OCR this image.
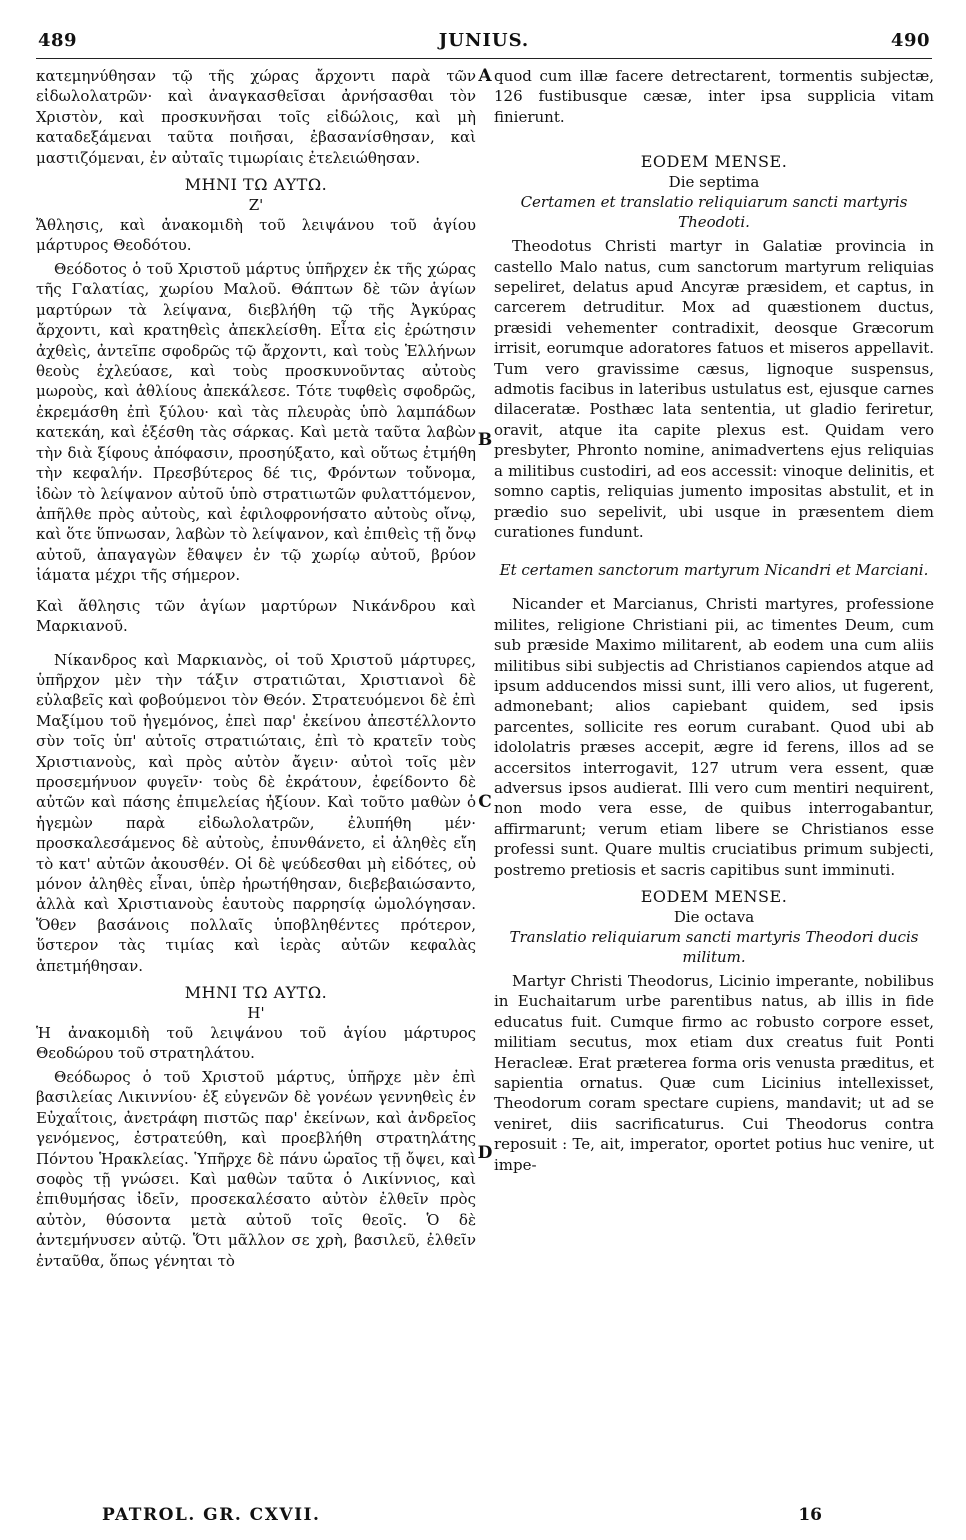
489	JUNIUS.	490

κατεμηνύθησαν τῷ τῆς χώρας ἄρχοντι παρὰ τῶν εἰδωλολατρῶν· καὶ ἀναγκασθεῖσαι ἀρνήσασθαι τὸν Χριστὸν, καὶ προσκυνῆσαι τοῖς εἰδώλοις, καὶ μὴ καταδεξάμεναι ταῦτα ποιῆσαι, ἐβασανίσθησαν, καὶ μαστιζόμεναι, ἐν αὐταῖς τιμωρίαις ἐτελειώθησαν.

ΜΗΝΙ ΤΩ ΑΥΤΩ.
Ζ'

Ἄθλησις, καὶ ἀνακομιδὴ τοῦ λειψάνου τοῦ ἁγίου μάρτυρος Θεοδότου.

Θεόδοτος ὁ τοῦ Χριστοῦ μάρτυς ὑπῆρχεν ἐκ τῆς χώρας τῆς Γαλατίας, χωρίου Μαλοῦ. Θάπτων δὲ τῶν ἁγίων μαρτύρων τὰ λείψανα, διεβλήθη τῷ τῆς Ἀγκύρας ἄρχοντι, καὶ κρατηθεὶς ἀπεκλείσθη. Εἶτα εἰς ἐρώτησιν ἀχθεὶς, ἀντεῖπε σφοδρῶς τῷ ἄρχοντι, καὶ τοὺς Ἑλλήνων θεοὺς ἐχλεύασε, καὶ τοὺς προσκυνοῦντας αὐτοὺς μωροὺς, καὶ ἀθλίους ἀπεκάλεσε. Τότε τυφθεὶς σφοδρῶς, ἐκρεμάσθη ἐπὶ ξύλου· καὶ τὰς πλευρὰς ὑπὸ λαμπάδων κατεκάη, καὶ ἐξέσθη τὰς σάρκας. Καὶ μετὰ ταῦτα λαβὼν τὴν διὰ ξίφους ἀπόφασιν, προσηύξατο, καὶ οὕτως ἐτμήθη τὴν κεφαλήν. Πρεσβύτερος δέ τις, Φρόντων τοὔνομα, ἰδὼν τὸ λείψανον αὐτοῦ ὑπὸ στρατιωτῶν φυλαττόμενον, ἀπῆλθε πρὸς αὐτοὺς, καὶ ἐφιλοφρονήσατο αὐτοὺς οἴνῳ, καὶ ὅτε ὕπνωσαν, λαβὼν τὸ λείψανον, καὶ ἐπιθεὶς τῇ ὄνῳ αὐτοῦ, ἀπαγαγὼν ἔθαψεν ἐν τῷ χωρίῳ αὐτοῦ, βρύον ἰάματα μέχρι τῆς σήμερον.

Καὶ ἄθλησις τῶν ἁγίων μαρτύρων Νικάνδρου καὶ Μαρκιανοῦ.

Νίκανδρος καὶ Μαρκιανὸς, οἱ τοῦ Χριστοῦ μάρτυρες, ὑπῆρχον μὲν τὴν τάξιν στρατιῶται, Χριστιανοὶ δὲ εὐλαβεῖς καὶ φοβούμενοι τὸν Θεόν. Στρατευόμενοι δὲ ἐπὶ Μαξίμου τοῦ ἡγεμόνος, ἐπεὶ παρ' ἐκείνου ἀπεστέλλοντο σὺν τοῖς ὑπ' αὐτοῖς στρατιώταις, ἐπὶ τὸ κρατεῖν τοὺς Χριστιανοὺς, καὶ πρὸς αὐτὸν ἄγειν· αὐτοὶ τοῖς μὲν προσεμήνυον φυγεῖν· τοὺς δὲ ἐκράτουν, ἐφείδοντο δὲ αὐτῶν καὶ πάσης ἐπιμελείας ἠξίουν. Καὶ τοῦτο μαθὼν ὁ ἡγεμὼν παρὰ εἰδωλολατρῶν, ἐλυπήθη μέν· προσκαλεσάμενος δὲ αὐτοὺς, ἐπυνθάνετο, εἰ ἀληθὲς εἴη τὸ κατ' αὐτῶν ἀκουσθέν. Οἱ δὲ ψεύδεσθαι μὴ εἰδότες, οὐ μόνον ἀληθὲς εἶναι, ὑπὲρ ἠρωτήθησαν, διεβεβαιώσαντο, ἀλλὰ καὶ Χριστιανοὺς ἑαυτοὺς παρρησίᾳ ὡμολόγησαν. Ὅθεν βασάνοις πολλαῖς ὑποβληθέντες πρότερον, ὕστερον τὰς τιμίας καὶ ἱερὰς αὐτῶν κεφαλὰς ἀπετμήθησαν.

ΜΗΝΙ ΤΩ ΑΥΤΩ.
Η'

Ἡ ἀνακομιδὴ τοῦ λειψάνου τοῦ ἁγίου μάρτυρος Θεοδώρου τοῦ στρατηλάτου.

Θεόδωρος ὁ τοῦ Χριστοῦ μάρτυς, ὑπῆρχε μὲν ἐπὶ βασιλείας Λικιννίου· ἐξ εὐγενῶν δὲ γονέων γεννηθεὶς ἐν Εὐχαΐτοις, ἀνετράφη πιστῶς παρ' ἐκείνων, καὶ ἀνδρεῖος γενόμενος, ἐστρατεύθη, καὶ προεβλήθη στρατηλάτης Πόντου Ἡρακλείας. Ὑπῆρχε δὲ πάνυ ὡραῖος τῇ ὄψει, καὶ σοφὸς τῇ γνώσει. Καὶ μαθὼν ταῦτα ὁ Λικίννιος, καὶ ἐπιθυμήσας ἰδεῖν, προσεκαλέσατο αὐτὸν ἐλθεῖν πρὸς αὐτὸν, θύσοντα μετὰ αὐτοῦ τοῖς θεοῖς. Ὁ δὲ ἀντεμήνυσεν αὐτῷ. Ὅτι μᾶλλον σε χρὴ, βασιλεῦ, ἐλθεῖν ἐνταῦθα, ὅπως γένηται τὸ

quod cum illæ facere detrectarent, tormentis subjectæ, 126 fustibusque cæsæ, inter ipsa supplicia vitam finierunt.

EODEM MENSE.
Die septima

Certamen et translatio reliquiarum sancti martyris Theodoti.

Theodotus Christi martyr in Galatiæ provincia in castello Malo natus, cum sanctorum martyrum reliquias sepeliret, delatus apud Ancyræ præsidem, et captus, in carcerem detruditur. Mox ad quæstionem ductus, præsidi vehementer contradixit, deosque Græcorum irrisit, eorumque adoratores fatuos et miseros appellavit. Tum vero gravissime cæsus, lignoque suspensus, admotis facibus in lateribus ustulatus est, ejusque carnes dilaceratæ. Posthæc lata sententia, ut gladio feriretur, oravit, atque ita capite plexus est. Quidam vero presbyter, Phronto nomine, animadvertens ejus reliquias a militibus custodiri, ad eos accessit: vinoque delinitis, et somno captis, reliquias jumento impositas abstulit, et in prædio suo sepelivit, ubi usque in præsentem diem curationes fundunt.

Et certamen sanctorum martyrum Nicandri et Marciani.

Nicander et Marcianus, Christi martyres, professione milites, religione Christiani pii, ac timentes Deum, cum sub præside Maximo militarent, ab eodem una cum aliis militibus sibi subjectis ad Christianos capiendos atque ad ipsum adducendos missi sunt, illi vero alios, ut fugerent, admonebant; alios capiebant quidem, sed ipsis parcentes, sollicite res eorum curabant. Quod ubi ab idololatris præses accepit, ægre id ferens, illos ad se accersitos interrogavit, 127 utrum vera essent, quæ adversus ipsos audierat. Illi vero cum mentiri nequirent, non modo vera esse, de quibus interrogabantur, affirmarunt; verum etiam libere se Christianos esse professi sunt. Quare multis cruciatibus primum subjecti, postremo pretiosis et sacris capitibus sunt imminuti.

EODEM MENSE.
Die octava

Translatio reliquiarum sancti martyris Theodori ducis militum.

Martyr Christi Theodorus, Licinio imperante, nobilibus in Euchaitarum urbe parentibus natus, ab illis in fide educatus fuit. Cumque firmo ac robusto corpore esset, militiam secutus, mox etiam dux creatus fuit Ponti Heracleæ. Erat præterea forma oris venusta præditus, et sapientia ornatus. Quæ cum Licinius intellexisset, Theodorum coram spectare cupiens, mandavit; ut ad se veniret, diis sacrificaturus. Cui Theodorus contra reposuit : Te, ait, imperator, oportet potius huc venire, ut impe-

A
B
C
D
PATROL. GR. CXVII.	16
